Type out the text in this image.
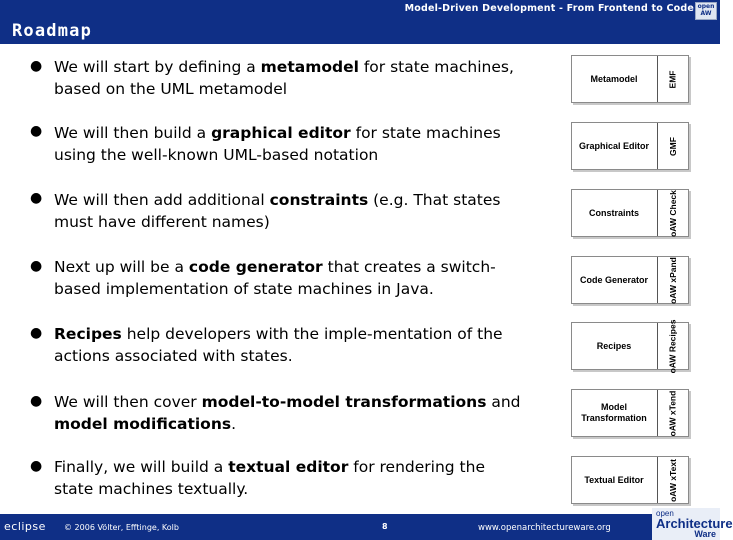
Model-Driven Development - From Frontend to Code open AW
Roadmap
● We will start by defining a metamodel for state machines, based on the UML metamodel
● We will then build a graphical editor for state machines using the well-known UML-based notation
● We will then add additional constraints (e.g. That states must have different names)
● Next up will be a code generator that creates a switch-based implementation of state machines in Java.
● Recipes help developers with the imple-mentation of the actions associated with states.
● We will then cover model-to-model transformations and model modifications.
● Finally, we will build a textual editor for rendering the state machines textually.
Metamodel	EMF
Graphical Editor	GMF
Constraints	oAW Check
Code Generator	oAW xPand
Recipes	oAW Recipes
Model Transformation	oAW xTend
Textual Editor	oAW xText
eclipse © 2006 Völter, Efftinge, Kolb	8	www.openarchitectureware.org
open
Architecture
Ware
